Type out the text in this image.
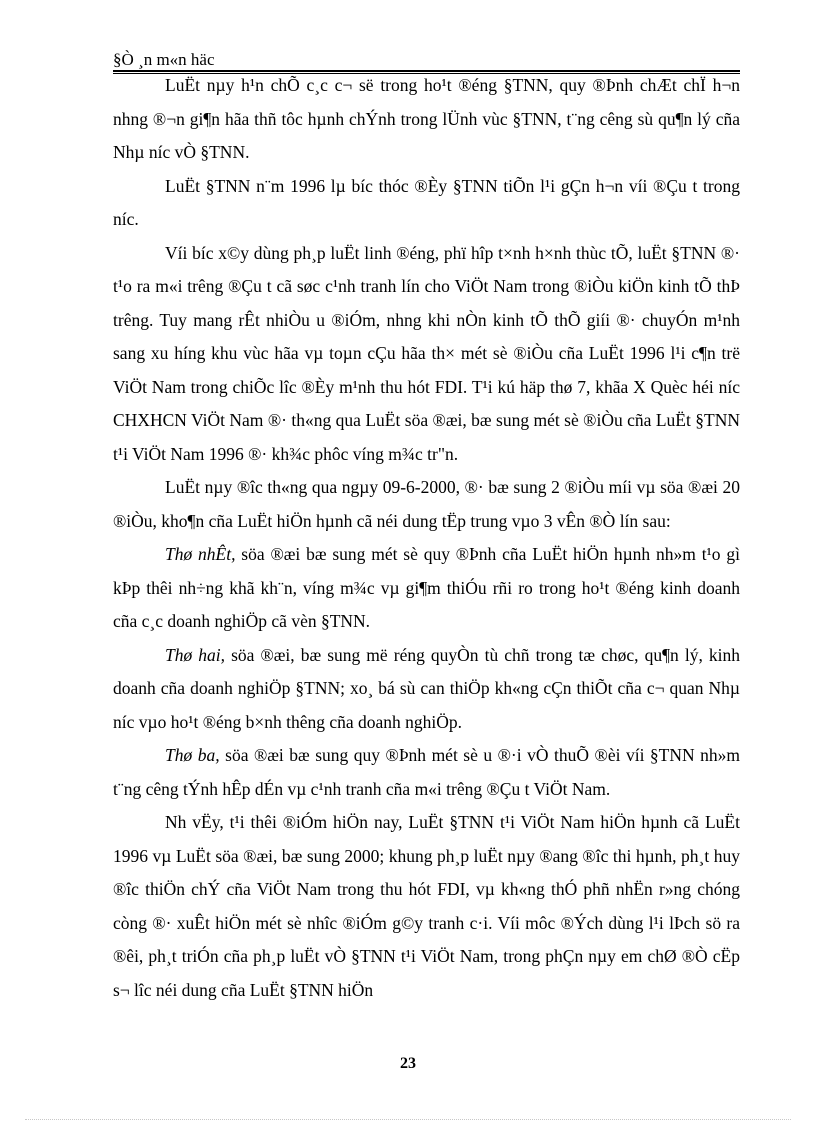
§Ò ¸n m«n häc

LuËt nµy h¹n chÕ c¸c c¬ së trong ho¹t ®éng §TNN, quy ®Þnh chÆt chÏ h¬n nhng ®¬n gi¶n hãa thñ tôc hµnh chÝnh trong lÜnh vùc §TNN, t¨ng cêng sù qu¶n lý cña Nhµ níc vÒ §TNN.

LuËt §TNN n¨m 1996 lµ bíc thóc ®Èy §TNN tiÕn l¹i gÇn h¬n víi ®Çu t trong níc.

Víi bíc x©y dùng ph¸p luËt linh ®éng, phï hîp t×nh h×nh thùc tÕ, luËt §TNN ®· t¹o ra m«i trêng ®Çu t cã søc c¹nh tranh lín cho ViÖt Nam trong ®iÒu kiÖn kinh tÕ thÞ trêng. Tuy mang rÊt nhiÒu u ®iÓm, nhng khi nÒn kinh tÕ thÕ giíi ®· chuyÓn m¹nh sang xu híng khu vùc hãa vµ toµn cÇu hãa th× mét sè ®iÒu cña LuËt 1996 l¹i c¶n trë ViÖt Nam trong chiÕc lîc ®Èy m¹nh thu hót FDI. T¹i kú häp thø 7, khãa X Quèc héi níc CHXHCN ViÖt Nam ®· th«ng qua LuËt söa ®æi, bæ sung mét sè ®iÒu cña LuËt §TNN t¹i ViÖt Nam 1996 ®· kh¾c phôc víng m¾c tr"n.

LuËt nµy ®îc th«ng qua ngµy 09-6-2000, ®· bæ sung 2 ®iÒu míi vµ söa ®æi 20 ®iÒu, kho¶n cña LuËt hiÖn hµnh cã néi dung tËp trung vµo 3 vÊn ®Ò lín sau:

Thø nhÊt, söa ®æi bæ sung mét sè quy ®Þnh cña LuËt hiÖn hµnh nh»m t¹o gì kÞp thêi nh÷ng khã kh¨n, víng m¾c vµ gi¶m thiÓu rñi ro trong ho¹t ®éng kinh doanh cña c¸c doanh nghiÖp cã vèn §TNN.

Thø hai, söa ®æi, bæ sung më réng quyÒn tù chñ trong tæ chøc, qu¶n lý, kinh doanh cña doanh nghiÖp §TNN; xo¸ bá sù can thiÖp kh«ng cÇn thiÕt cña c¬ quan Nhµ níc vµo ho¹t ®éng b×nh thêng cña doanh nghiÖp.

Thø ba, söa ®æi bæ sung quy ®Þnh mét sè u ®·i vÒ thuÕ ®èi víi §TNN nh»m t¨ng cêng tÝnh hÊp dÉn vµ c¹nh tranh cña m«i trêng ®Çu t ViÖt Nam.

Nh vËy, t¹i thêi ®iÓm hiÖn nay, LuËt §TNN t¹i ViÖt Nam hiÖn hµnh cã LuËt 1996 vµ LuËt söa ®æi, bæ sung 2000; khung ph¸p luËt nµy ®ang ®îc thi hµnh, ph¸t huy ®îc thiÖn chÝ cña ViÖt Nam trong thu hót FDI, vµ kh«ng thÓ phñ nhËn r»ng chóng còng ®· xuÊt hiÖn mét sè nhîc ®iÓm g©y tranh c·i. Víi môc ®Ých dùng l¹i lÞch sö ra ®êi, ph¸t triÓn cña ph¸p luËt vÒ §TNN t¹i ViÖt Nam, trong phÇn nµy em chØ ®Ò cËp s¬ lîc néi dung cña LuËt §TNN hiÖn

23
